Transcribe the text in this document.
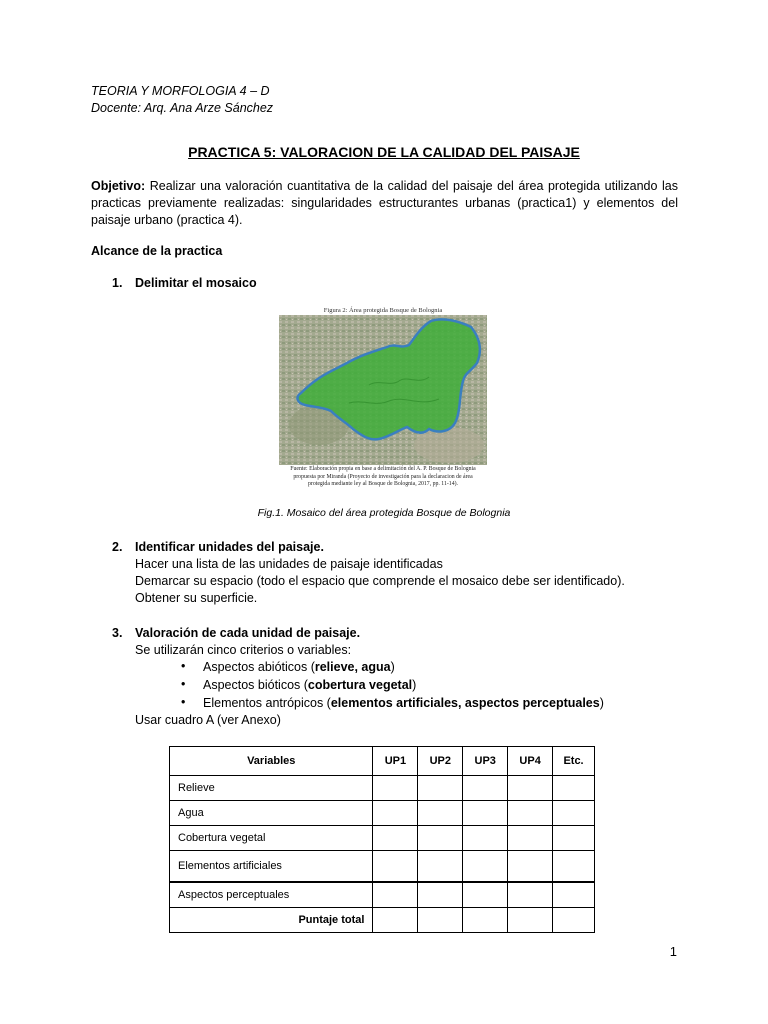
TEORIA Y MORFOLOGIA 4 – D
Docente: Arq. Ana Arze Sánchez
PRACTICA 5: VALORACION DE LA CALIDAD DEL PAISAJE
Objetivo: Realizar una valoración cuantitativa de la calidad del paisaje del área protegida utilizando las practicas previamente realizadas: singularidades estructurantes urbanas (practica1) y elementos del paisaje urbano (practica 4).
Alcance de la practica
1. Delimitar el mosaico
Figura 2: Área protegida Bosque de Bolognia
Fuente: Elaboración propia en base a delimitación del A. P. Bosque de Bolognia propuesta por Miranda (Proyecto de investigación para la declaracion de área protegida mediante ley al Bosque de Bolognia, 2017, pp. 11-14).
Fig.1. Mosaico del área protegida Bosque de Bolognia
2. Identificar unidades del paisaje.
Hacer una lista de las unidades de paisaje identificadas
Demarcar su espacio (todo el espacio que comprende el mosaico debe ser identificado).
Obtener su superficie.
3. Valoración de cada unidad de paisaje.
Se utilizarán cinco criterios o variables:
• Aspectos abióticos (relieve, agua)
• Aspectos bióticos (cobertura vegetal)
• Elementos antrópicos (elementos artificiales, aspectos perceptuales)
Usar cuadro A (ver Anexo)
Variables	UP1	UP2	UP3	UP4	Etc.
Relieve					
Agua					
Cobertura vegetal					
Elementos artificiales					
Aspectos perceptuales					
Puntaje total					
1
